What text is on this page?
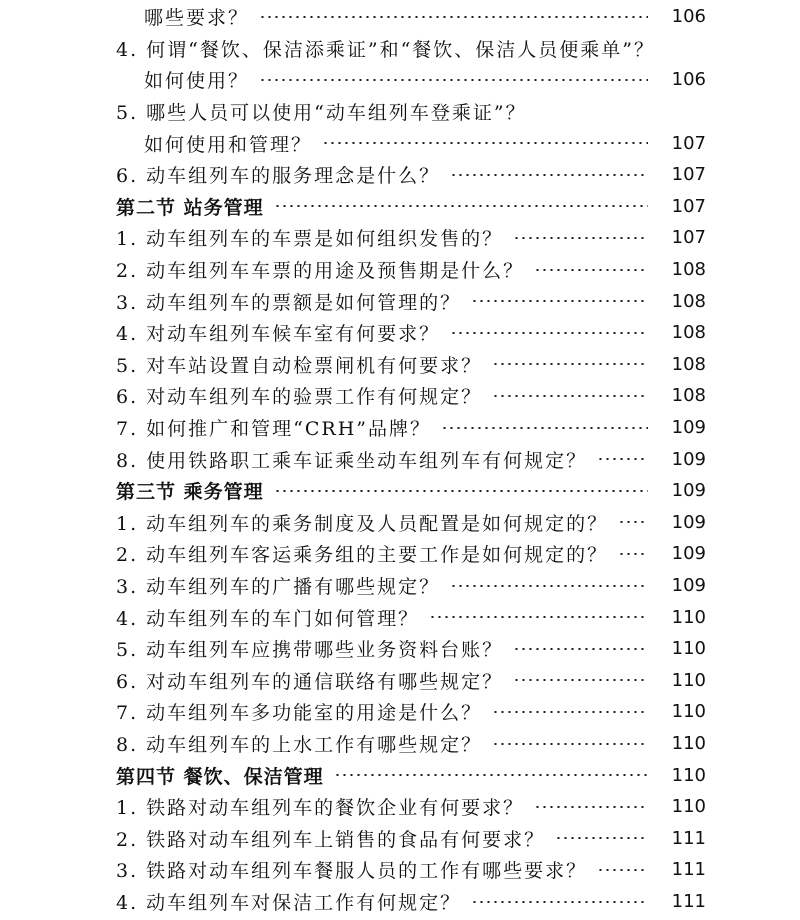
哪些要求？	106
4. 何谓“餐饮、保洁添乘证”和“餐饮、保洁人员便乘单”？
如何使用？	106
5. 哪些人员可以使用“动车组列车登乘证”？
如何使用和管理？	107
6. 动车组列车的服务理念是什么？	107
第二节 站务管理	107
1. 动车组列车的车票是如何组织发售的？	107
2. 动车组列车车票的用途及预售期是什么？	108
3. 动车组列车的票额是如何管理的？	108
4. 对动车组列车候车室有何要求？	108
5. 对车站设置自动检票闸机有何要求？	108
6. 对动车组列车的验票工作有何规定？	108
7. 如何推广和管理“CRH”品牌？	109
8. 使用铁路职工乘车证乘坐动车组列车有何规定？	109
第三节 乘务管理	109
1. 动车组列车的乘务制度及人员配置是如何规定的？	109
2. 动车组列车客运乘务组的主要工作是如何规定的？	109
3. 动车组列车的广播有哪些规定？	109
4. 动车组列车的车门如何管理？	110
5. 动车组列车应携带哪些业务资料台账？	110
6. 对动车组列车的通信联络有哪些规定？	110
7. 动车组列车多功能室的用途是什么？	110
8. 动车组列车的上水工作有哪些规定？	110
第四节 餐饮、保洁管理	110
1. 铁路对动车组列车的餐饮企业有何要求？	110
2. 铁路对动车组列车上销售的食品有何要求？	111
3. 铁路对动车组列车餐服人员的工作有哪些要求？	111
4. 动车组列车对保洁工作有何规定？	111
